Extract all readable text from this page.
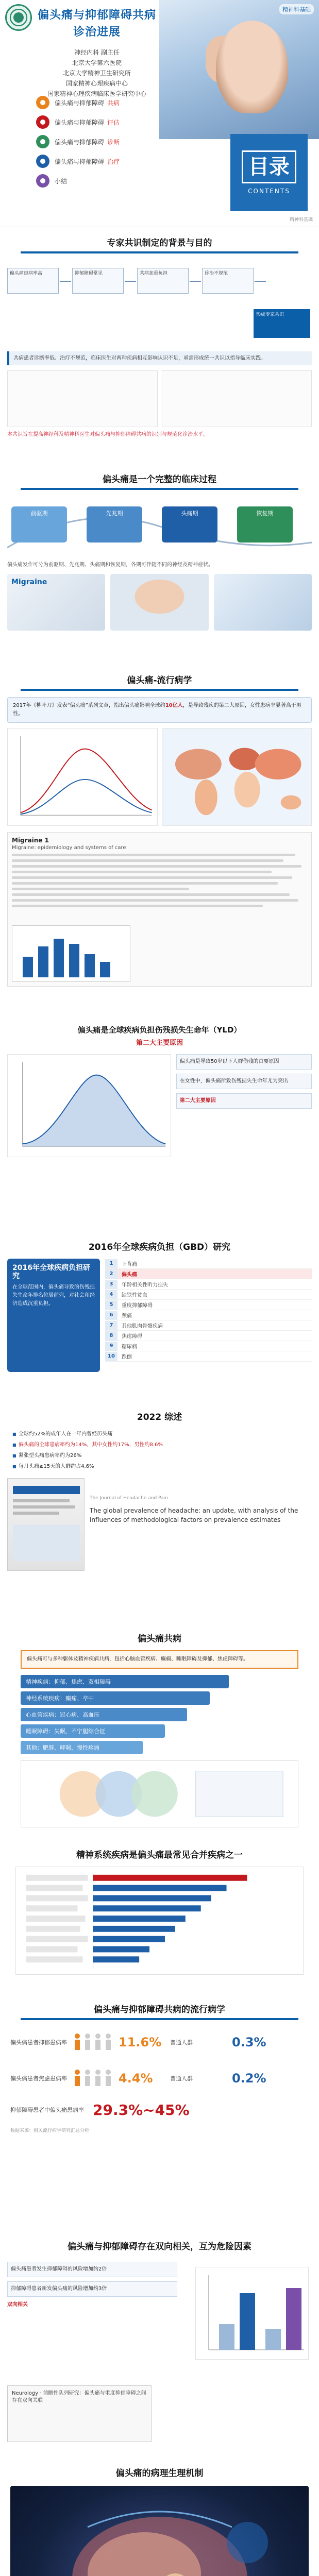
精神科基础
偏头痛与抑郁障碍共病
诊治进展
神经内科 副主任
北京大学第六医院
北京大学精神卫生研究所
国家精神心理疾病中心
国家精神心理疾病临床医学研究中心
偏头痛与抑郁障碍 共病
偏头痛与抑郁障碍 评估
偏头痛与抑郁障碍 诊断
偏头痛与抑郁障碍 治疗
小结
目录
CONTENTS
精神科基础
专家共识制定的背景与目的
偏头痛患病率高	抑郁障碍常见	共病加重负担	诊治不规范
形成专家共识
共病患者诊断率低、治疗不规范，临床医生对两种疾病相互影响认识不足，亟需形成统一共识以指导临床实践。
本共识旨在提高神经科及精神科医生对偏头痛与抑郁障碍共病的识别与规范化诊治水平。
偏头痛是一个完整的临床过程
前驱期	先兆期	头痛期	恢复期
偏头痛发作可分为前驱期、先兆期、头痛期和恢复期，各期可伴随不同的神经及精神症状。
Migraine
偏头痛-流行病学
2017年《柳叶刀》发表“偏头痛”系列文章，指出偏头痛影响全球约10亿人，是导致残疾的第二大原因，女性患病率显著高于男性。
Migraine 1
Migraine: epidemiology and systems of care
偏头痛是全球疾病负担伤残损失生命年（YLD）
第二大主要原因
偏头痛是导致50岁以下人群伤残的首要原因
在女性中，偏头痛所致伤残损失生命年尤为突出
第二大主要原因
2016年全球疾病负担（GBD）研究
2016年全球疾病负担研究
在全球范围内，偏头痛导致的伤残损失生命年排名位居前列，对社会和经济造成沉重负担。
1	下背痛
2	偏头痛
3	年龄相关性听力损失
4	缺铁性贫血
5	重度抑郁障碍
6	颈痛
7	其他肌肉骨骼疾病
8	焦虑障碍
9	糖尿病
10	跌倒
2022 综述
■ 全球约52%的成年人在一年内曾经历头痛
■ 偏头痛的全球患病率约为14%，其中女性约17%，男性约8.6%
■ 紧张型头痛患病率约为26%
■ 每月头痛≥15天的人群约占4.6%
The Journal of Headache and Pain
The global prevalence of headache: an update, with analysis of the influences of methodological factors on prevalence estimates
偏头痛共病
偏头痛可与多种躯体及精神疾病共病，包括心脑血管疾病、癫痫、睡眠障碍及抑郁、焦虑障碍等。
精神疾病：抑郁、焦虑、双相障碍
神经系统疾病：癫痫、卒中
心血管疾病：冠心病、高血压
睡眠障碍：失眠、不宁腿综合征
其他：肥胖、哮喘、慢性疼痛
精神系统疾病是偏头痛最常见合并疾病之一
偏头痛与抑郁障碍共病的流行病学
偏头痛患者抑郁患病率	11.6% 普通人群	0.3%
偏头痛患者焦虑患病率	4.4%	普通人群	0.2%
抑郁障碍患者中偏头痛患病率 29.3%~45%
数据来源：相关流行病学研究汇总分析
偏头痛与抑郁障碍存在双向相关，互为危险因素
偏头痛患者发生抑郁障碍的风险增加约2倍
抑郁障碍患者新发偏头痛的风险增加约3倍
双向相关
Neurology · 前瞻性队列研究：偏头痛与重度抑郁障碍之间存在双向关联
偏头痛的病理生理机制
